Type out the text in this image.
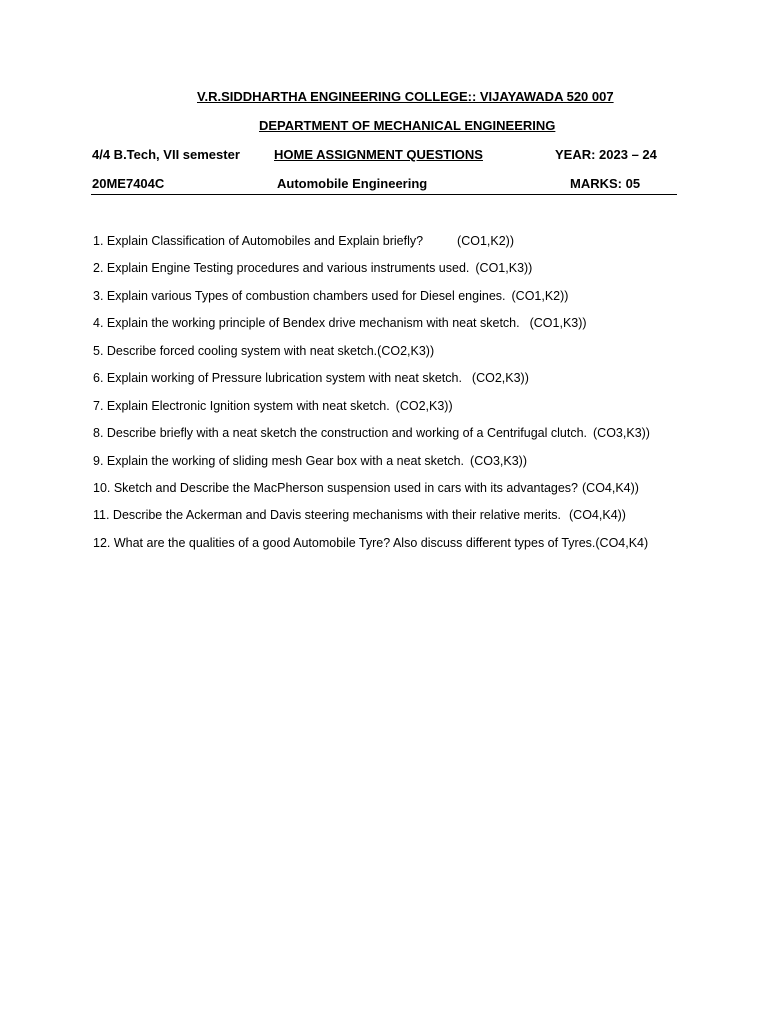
V.R.SIDDHARTHA ENGINEERING COLLEGE:: VIJAYAWADA 520 007
DEPARTMENT OF MECHANICAL ENGINEERING
4/4 B.Tech, VII semester	HOME ASSIGNMENT QUESTIONS	YEAR: 2023 – 24
20ME7404C	Automobile Engineering	MARKS: 05
1. Explain Classification of Automobiles and Explain briefly?	(CO1,K2))
2. Explain Engine Testing procedures and various instruments used. (CO1,K3))
3. Explain various Types of combustion chambers used for Diesel engines. (CO1,K2))
4. Explain the working principle of Bendex drive mechanism with neat sketch. (CO1,K3))
5. Describe forced cooling system with neat sketch.(CO2,K3))
6. Explain working of Pressure lubrication system with neat sketch. (CO2,K3))
7. Explain Electronic Ignition system with neat sketch. (CO2,K3))
8. Describe briefly with a neat sketch the construction and working of a Centrifugal clutch. (CO3,K3))
9. Explain the working of sliding mesh Gear box with a neat sketch. (CO3,K3))
10. Sketch and Describe the MacPherson suspension used in cars with its advantages? (CO4,K4))
11. Describe the Ackerman and Davis steering mechanisms with their relative merits. (CO4,K4))
12. What are the qualities of a good Automobile Tyre? Also discuss different types of Tyres.(CO4,K4)
